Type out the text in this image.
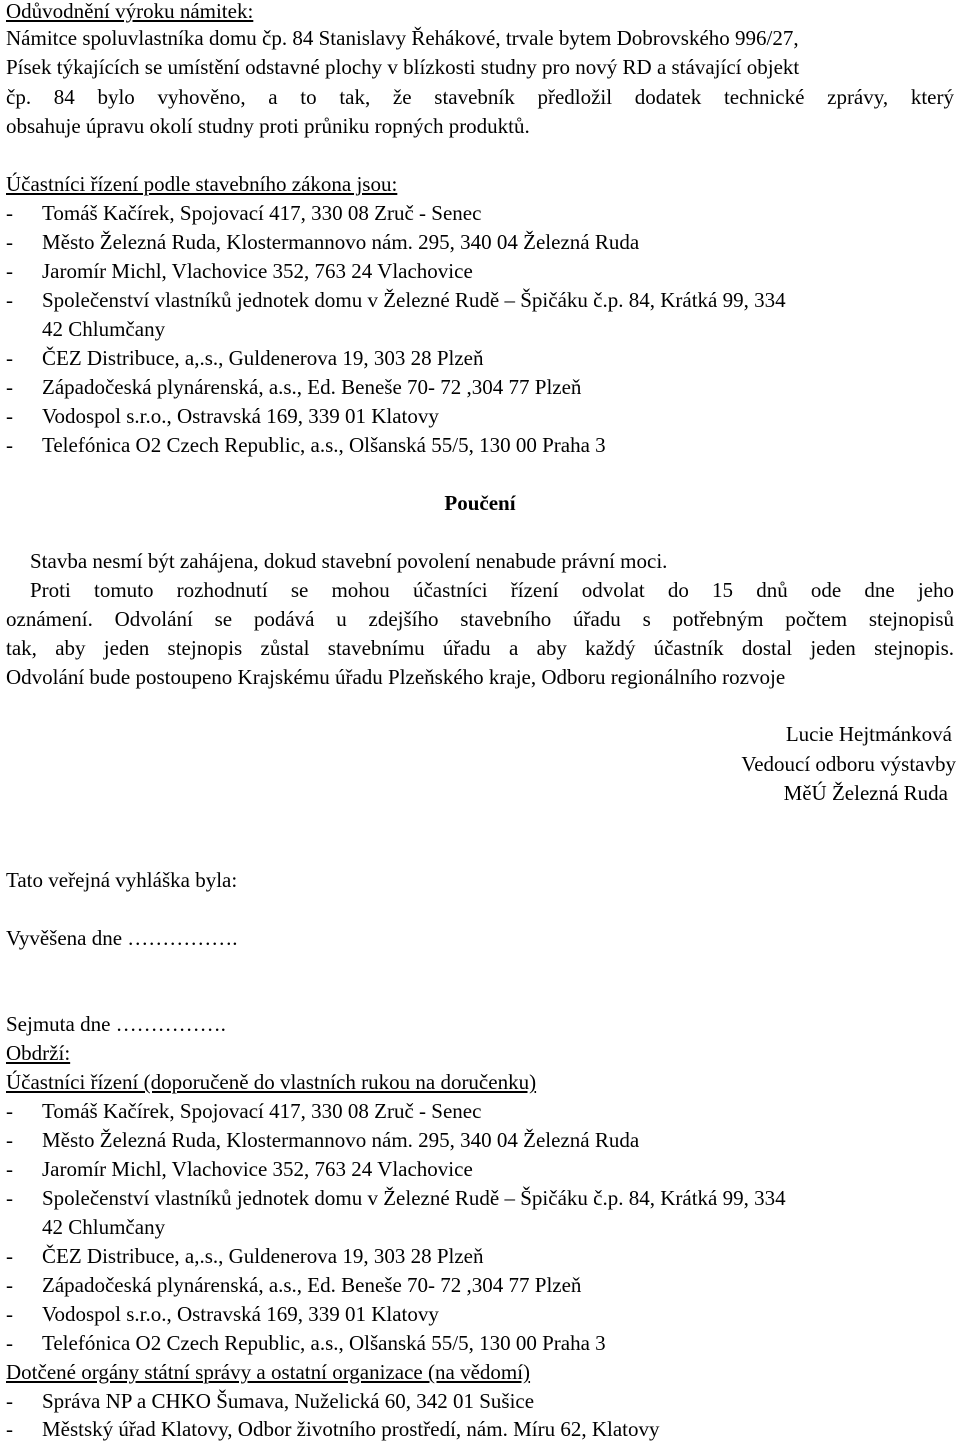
Odůvodnění výroku námitek:
Námitce spoluvlastníka domu čp. 84 Stanislavy Řehákové, trvale bytem Dobrovského 996/27,
Písek týkajících se umístění odstavné plochy v blízkosti studny pro nový RD a stávající objekt
čp. 84 bylo vyhověno, a to tak, že stavebník předložil dodatek technické zprávy, který
obsahuje úpravu okolí studny proti průniku ropných produktů.
Účastníci řízení podle stavebního zákona jsou:
- Tomáš Kačírek, Spojovací 417, 330 08 Zruč - Senec
- Město Železná Ruda, Klostermannovo nám. 295, 340 04 Železná Ruda
- Jaromír Michl, Vlachovice 352, 763 24 Vlachovice
- Společenství vlastníků jednotek domu v Železné Rudě – Špičáku č.p. 84, Krátká 99, 334
42 Chlumčany
- ČEZ Distribuce, a,.s., Guldenerova 19, 303 28 Plzeň
- Západočeská plynárenská, a.s., Ed. Beneše 70- 72 ,304 77 Plzeň
- Vodospol s.r.o., Ostravská 169, 339 01 Klatovy
- Telefónica O2 Czech Republic, a.s., Olšanská 55/5, 130 00 Praha 3
Poučení
Stavba nesmí být zahájena, dokud stavební povolení nenabude právní moci.
Proti tomuto rozhodnutí se mohou účastníci řízení odvolat do 15 dnů ode dne jeho
oznámení. Odvolání se podává u zdejšího stavebního úřadu s potřebným počtem stejnopisů
tak, aby jeden stejnopis zůstal stavebnímu úřadu a aby každý účastník dostal jeden stejnopis.
Odvolání bude postoupeno Krajskému úřadu Plzeňského kraje, Odboru regionálního rozvoje
Lucie Hejtmánková
Vedoucí odboru výstavby
MěÚ Železná Ruda
Tato veřejná vyhláška byla:
Vyvěšena dne …………….
Sejmuta dne …………….
Obdrží:
Účastníci řízení (doporučeně do vlastních rukou na doručenku)
- Tomáš Kačírek, Spojovací 417, 330 08 Zruč - Senec
- Město Železná Ruda, Klostermannovo nám. 295, 340 04 Železná Ruda
- Jaromír Michl, Vlachovice 352, 763 24 Vlachovice
- Společenství vlastníků jednotek domu v Železné Rudě – Špičáku č.p. 84, Krátká 99, 334
42 Chlumčany
- ČEZ Distribuce, a,.s., Guldenerova 19, 303 28 Plzeň
- Západočeská plynárenská, a.s., Ed. Beneše 70- 72 ,304 77 Plzeň
- Vodospol s.r.o., Ostravská 169, 339 01 Klatovy
- Telefónica O2 Czech Republic, a.s., Olšanská 55/5, 130 00 Praha 3
Dotčené orgány státní správy a ostatní organizace (na vědomí)
- Správa NP a CHKO Šumava, Nuželická 60, 342 01 Sušice
- Městský úřad Klatovy, Odbor životního prostředí, nám. Míru 62, Klatovy
